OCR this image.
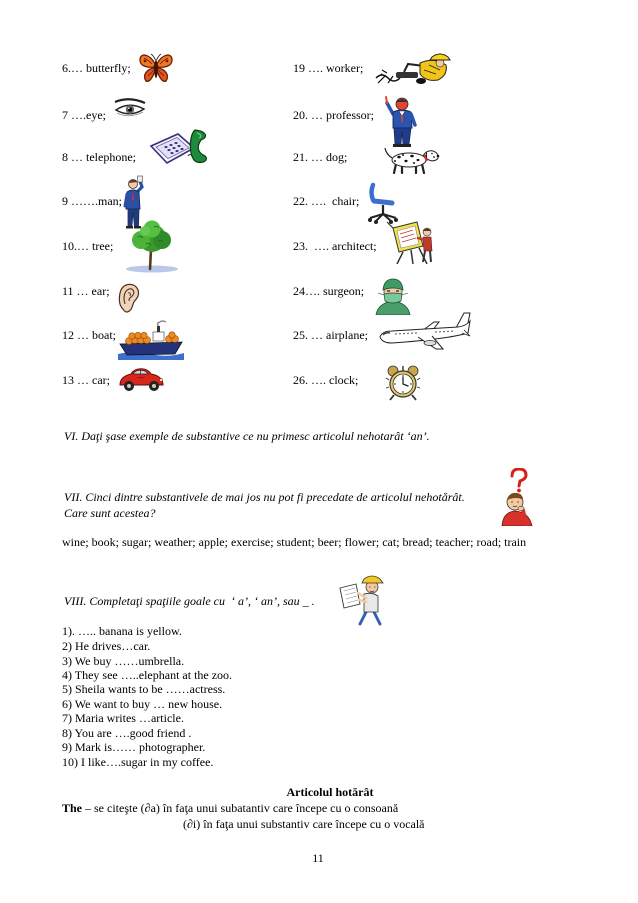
6.… butterfly;
7 ….eye;
8 … telephone;
9 …….man;
10.… tree;
11 … ear;
12 … boat;
13 … car;
19 …. worker;
20. … professor;
21. … dog;
22. ….  chair;
23.  …. architect;
24…. surgeon;
25. … airplane;
26. …. clock;
VI. Daţi şase exemple de substantive ce nu primesc articolul nehotarât ‘an’.
VII. Cinci dintre substantivele de mai jos nu pot fi precedate de articolul nehotărât.
Care sunt acestea?
wine; book; sugar; weather; apple; exercise; student; beer; flower; cat; bread; teacher; road; train
VIII. Completaţi spaţiile goale cu  ‘ a’, ‘ an’, sau _ .
1). ….. banana is yellow.
2) He drives…car.
3) We buy ……umbrella.
4) They see …..elephant at the zoo.
5) Sheila wants to be ……actress.
6) We want to buy … new house.
7) Maria writes …article.
8) You are ….good friend .
9) Mark is…… photographer.
10) I like….sugar in my coffee.
Articolul hotărât
The – se citeşte (∂a) în faţa unui subatantiv care începe cu o consoană
(∂i) în faţa unui substantiv care începe cu o vocală
11
